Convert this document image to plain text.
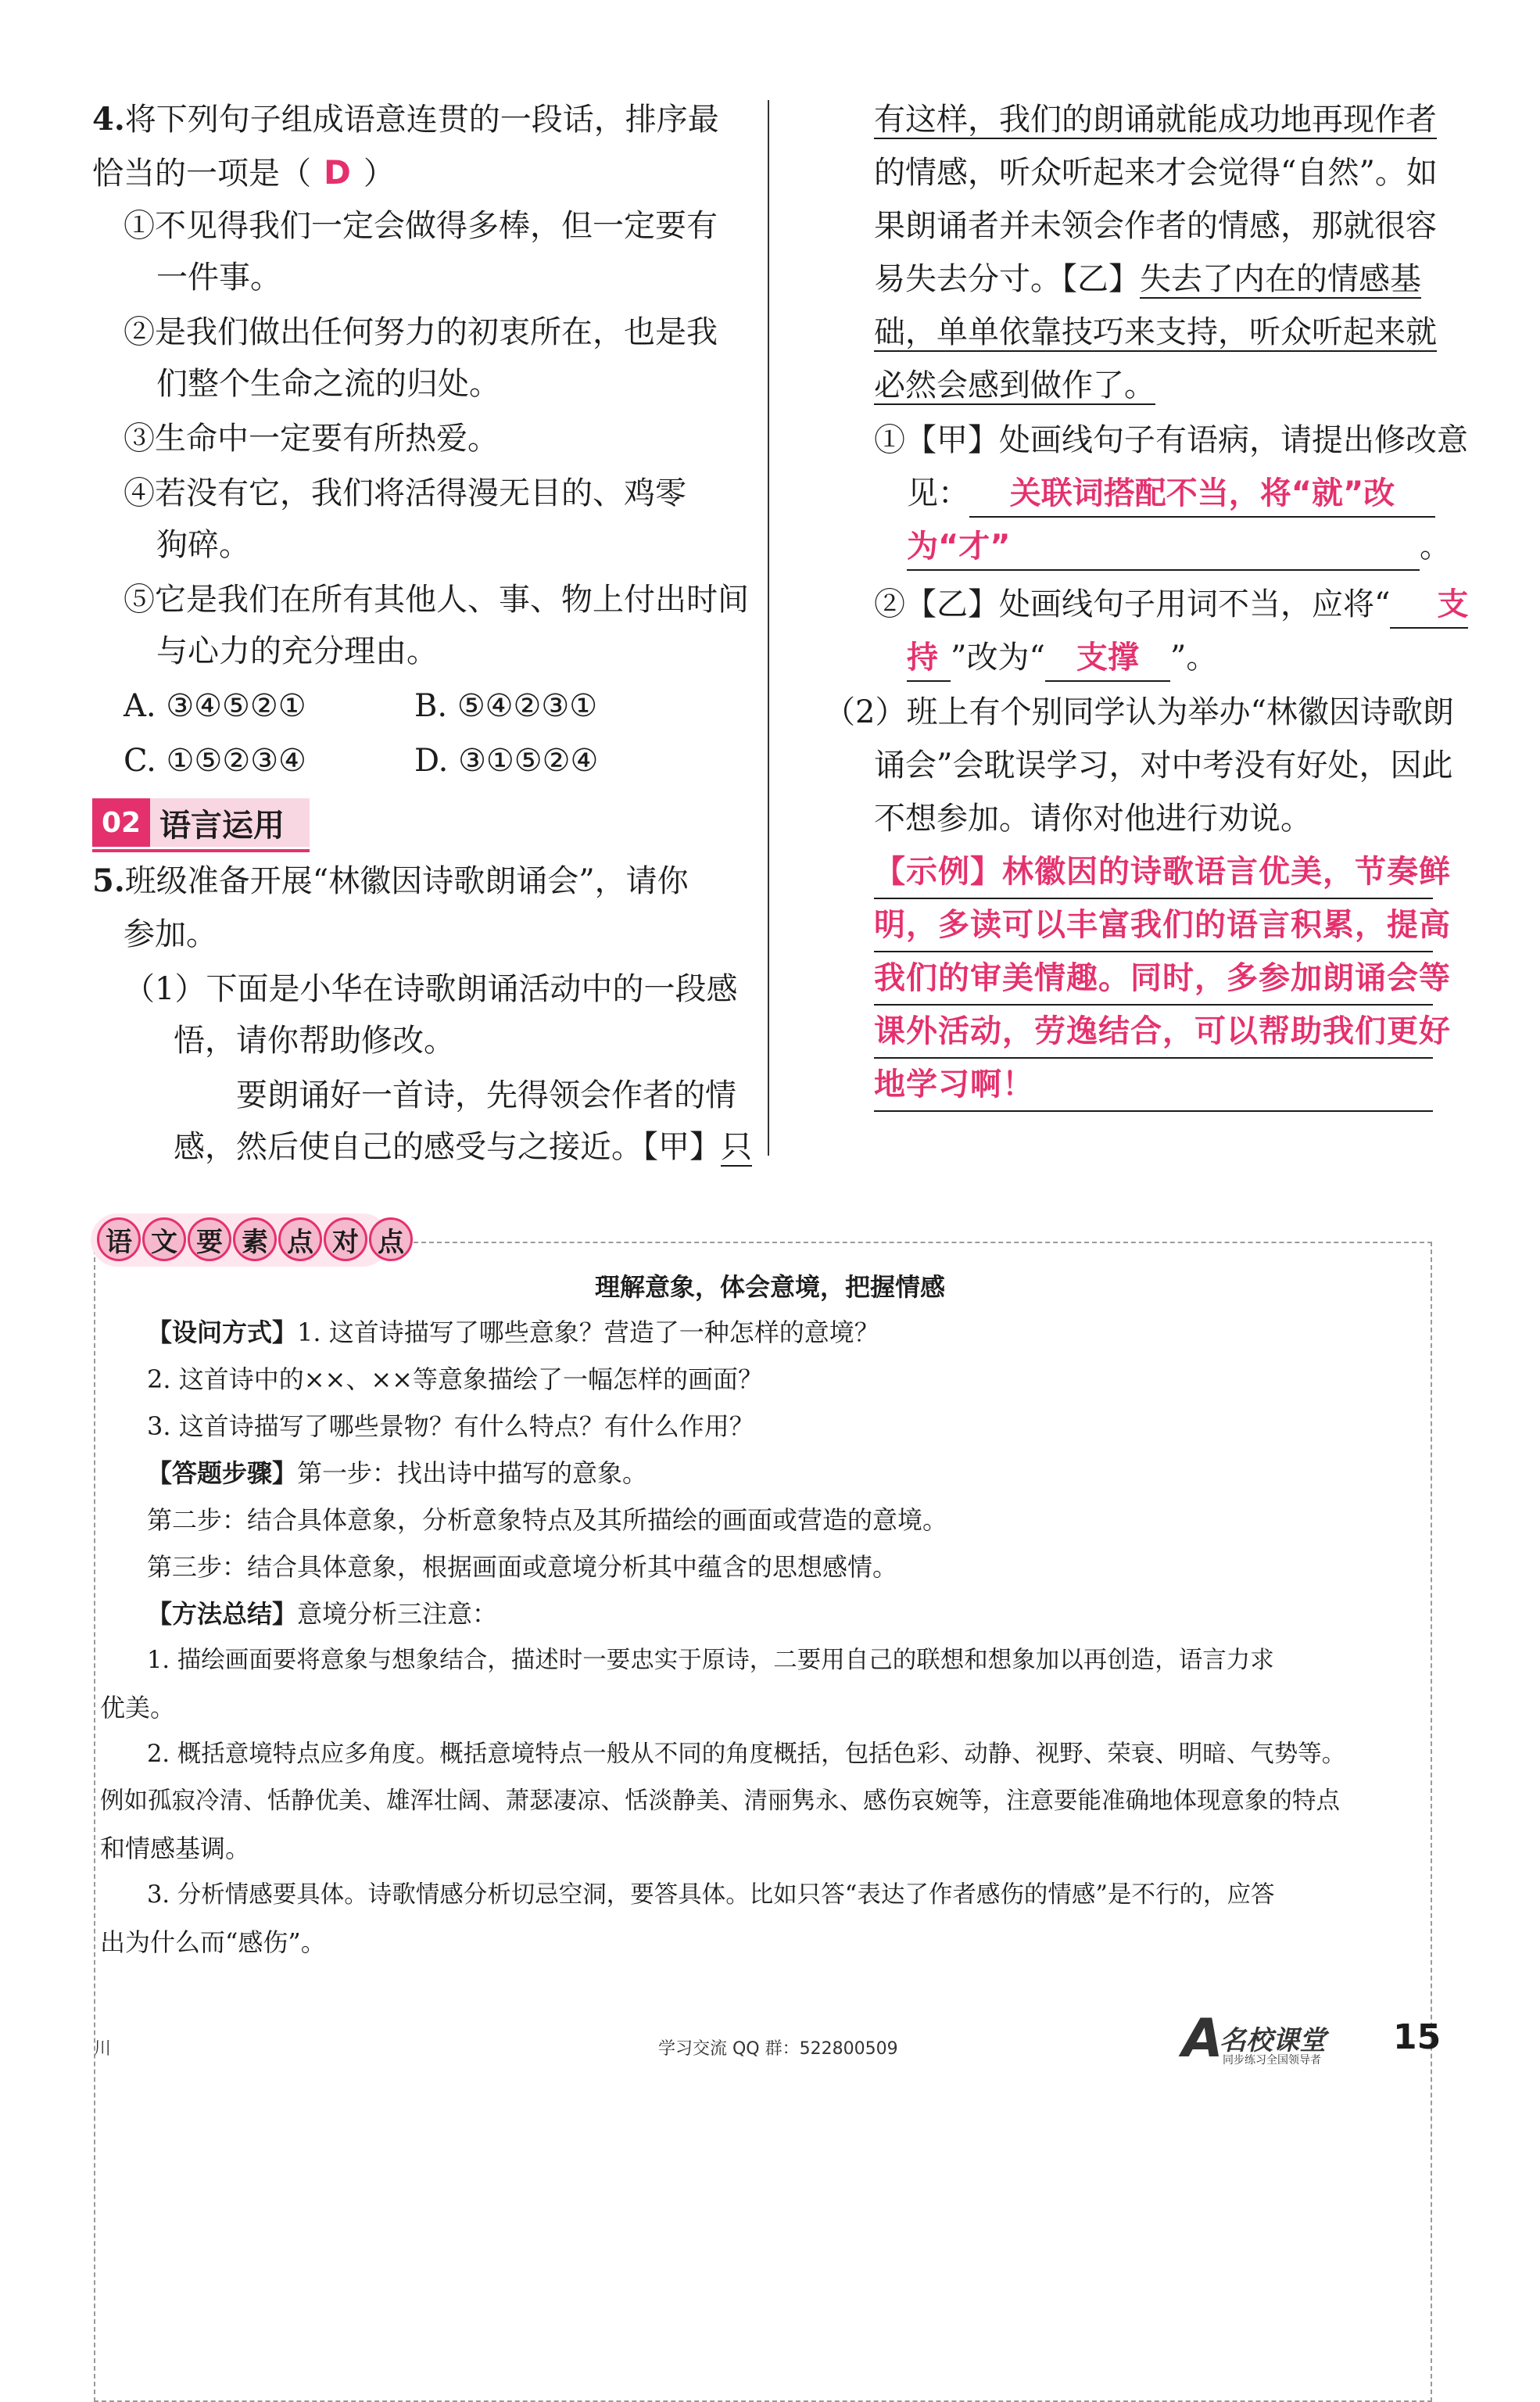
4.将下列句子组成语意连贯的一段话，排序最
恰当的一项是（ D ）
①不见得我们一定会做得多棒，但一定要有
一件事。
②是我们做出任何努力的初衷所在，也是我
们整个生命之流的归处。
③生命中一定要有所热爱。
④若没有它，我们将活得漫无目的、鸡零
狗碎。
⑤它是我们在所有其他人、事、物上付出时间
与心力的充分理由。
A. ③④⑤②①	B. ⑤④②③①
C. ①⑤②③④	D. ③①⑤②④
02 语言运用
5.班级准备开展“林徽因诗歌朗诵会”，请你
参加。
（1）下面是小华在诗歌朗诵活动中的一段感
悟，请你帮助修改。
要朗诵好一首诗，先得领会作者的情
感，然后使自己的感受与之接近。【甲】只
有这样，我们的朗诵就能成功地再现作者
的情感，听众听起来才会觉得“自然”。如
果朗诵者并未领会作者的情感，那就很容
易失去分寸。【乙】失去了内在的情感基
础，单单依靠技巧来支持，听众听起来就
必然会感到做作了。
①【甲】处画线句子有语病，请提出修改意
见： 关联词搭配不当，将“就”改
为“才”	。
②【乙】处画线句子用词不当，应将“ 支
持 ”改为“ 支撑 ”。
（2）班上有个别同学认为举办“林徽因诗歌朗
诵会”会耽误学习，对中考没有好处，因此
不想参加。请你对他进行劝说。
【示例】林徽因的诗歌语言优美，节奏鲜
明，多读可以丰富我们的语言积累，提高
我们的审美情趣。同时，多参加朗诵会等
课外活动，劳逸结合，可以帮助我们更好
地学习啊！
语 文 要 素 点 对 点
理解意象，体会意境，把握情感
【设问方式】1. 这首诗描写了哪些意象？营造了一种怎样的意境？
2. 这首诗中的××、××等意象描绘了一幅怎样的画面？
3. 这首诗描写了哪些景物？有什么特点？有什么作用？
【答题步骤】第一步：找出诗中描写的意象。
第二步：结合具体意象，分析意象特点及其所描绘的画面或营造的意境。
第三步：结合具体意象，根据画面或意境分析其中蕴含的思想感情。
【方法总结】意境分析三注意：
1. 描绘画面要将意象与想象结合，描述时一要忠实于原诗，二要用自己的联想和想象加以再创造，语言力求
优美。
2. 概括意境特点应多角度。概括意境特点一般从不同的角度概括，包括色彩、动静、视野、荣衰、明暗、气势等。
例如孤寂冷清、恬静优美、雄浑壮阔、萧瑟凄凉、恬淡静美、清丽隽永、感伤哀婉等，注意要能准确地体现意象的特点
和情感基调。
3. 分析情感要具体。诗歌情感分析切忌空洞，要答具体。比如只答“表达了作者感伤的情感”是不行的，应答
出为什么而“感伤”。
川	学习交流 QQ 群：522800509	A
名校课堂
同步练习全国领导者
15
